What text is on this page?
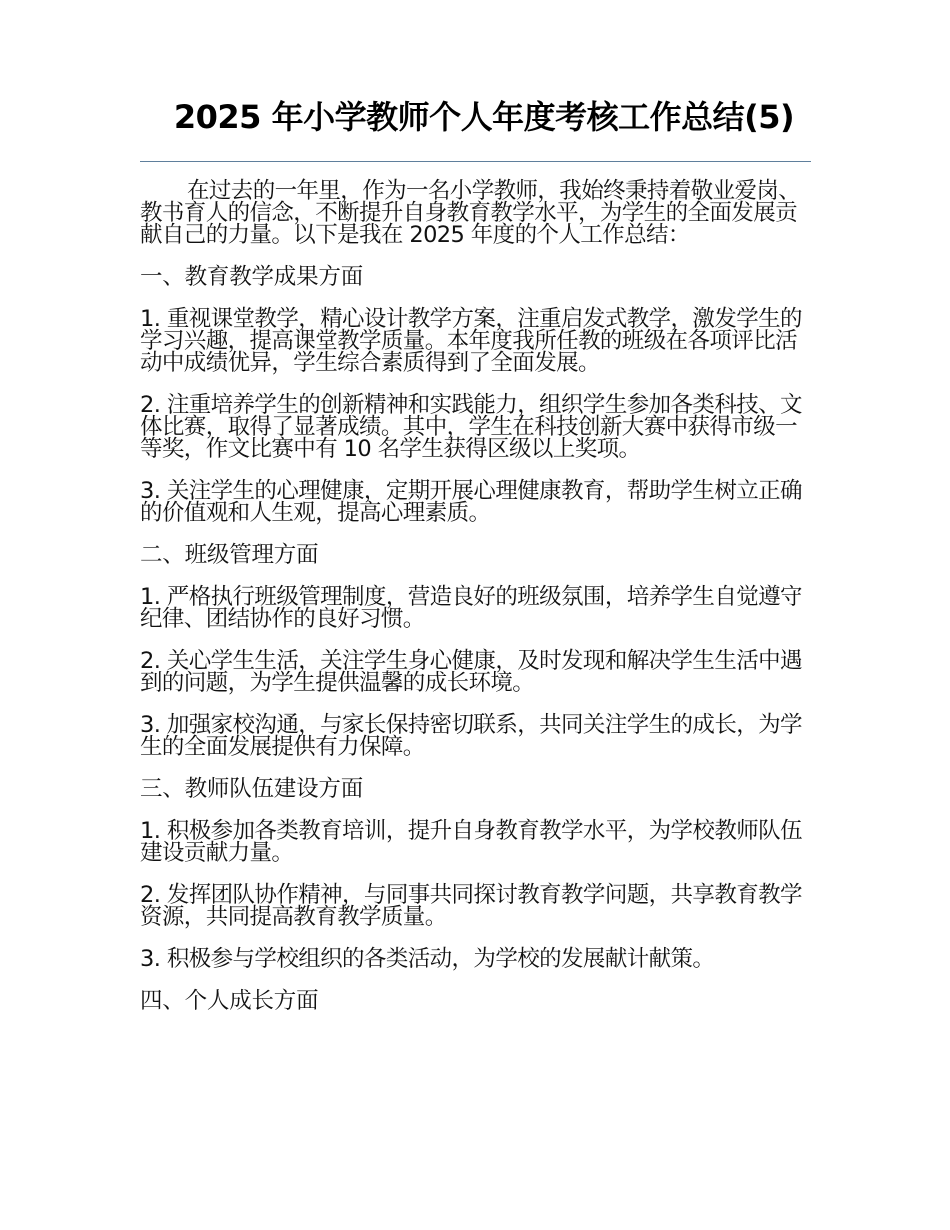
2025 年小学教师个人年度考核工作总结(5)

在过去的一年里，作为一名小学教师，我始终秉持着敬业爱岗、教书育人的信念，不断提升自身教育教学水平，为学生的全面发展贡献自己的力量。以下是我在 2025 年度的个人工作总结：

一、教育教学成果方面

1. 重视课堂教学，精心设计教学方案，注重启发式教学，激发学生的学习兴趣，提高课堂教学质量。本年度我所任教的班级在各项评比活动中成绩优异，学生综合素质得到了全面发展。

2. 注重培养学生的创新精神和实践能力，组织学生参加各类科技、文体比赛，取得了显著成绩。其中，学生在科技创新大赛中获得市级一等奖，作文比赛中有 10 名学生获得区级以上奖项。

3. 关注学生的心理健康，定期开展心理健康教育，帮助学生树立正确的价值观和人生观，提高心理素质。

二、班级管理方面

1. 严格执行班级管理制度，营造良好的班级氛围，培养学生自觉遵守纪律、团结协作的良好习惯。

2. 关心学生生活，关注学生身心健康，及时发现和解决学生生活中遇到的问题，为学生提供温馨的成长环境。

3. 加强家校沟通，与家长保持密切联系，共同关注学生的成长，为学生的全面发展提供有力保障。

三、教师队伍建设方面

1. 积极参加各类教育培训，提升自身教育教学水平，为学校教师队伍建设贡献力量。

2. 发挥团队协作精神，与同事共同探讨教育教学问题，共享教育教学资源，共同提高教育教学质量。

3. 积极参与学校组织的各类活动，为学校的发展献计献策。

四、个人成长方面
